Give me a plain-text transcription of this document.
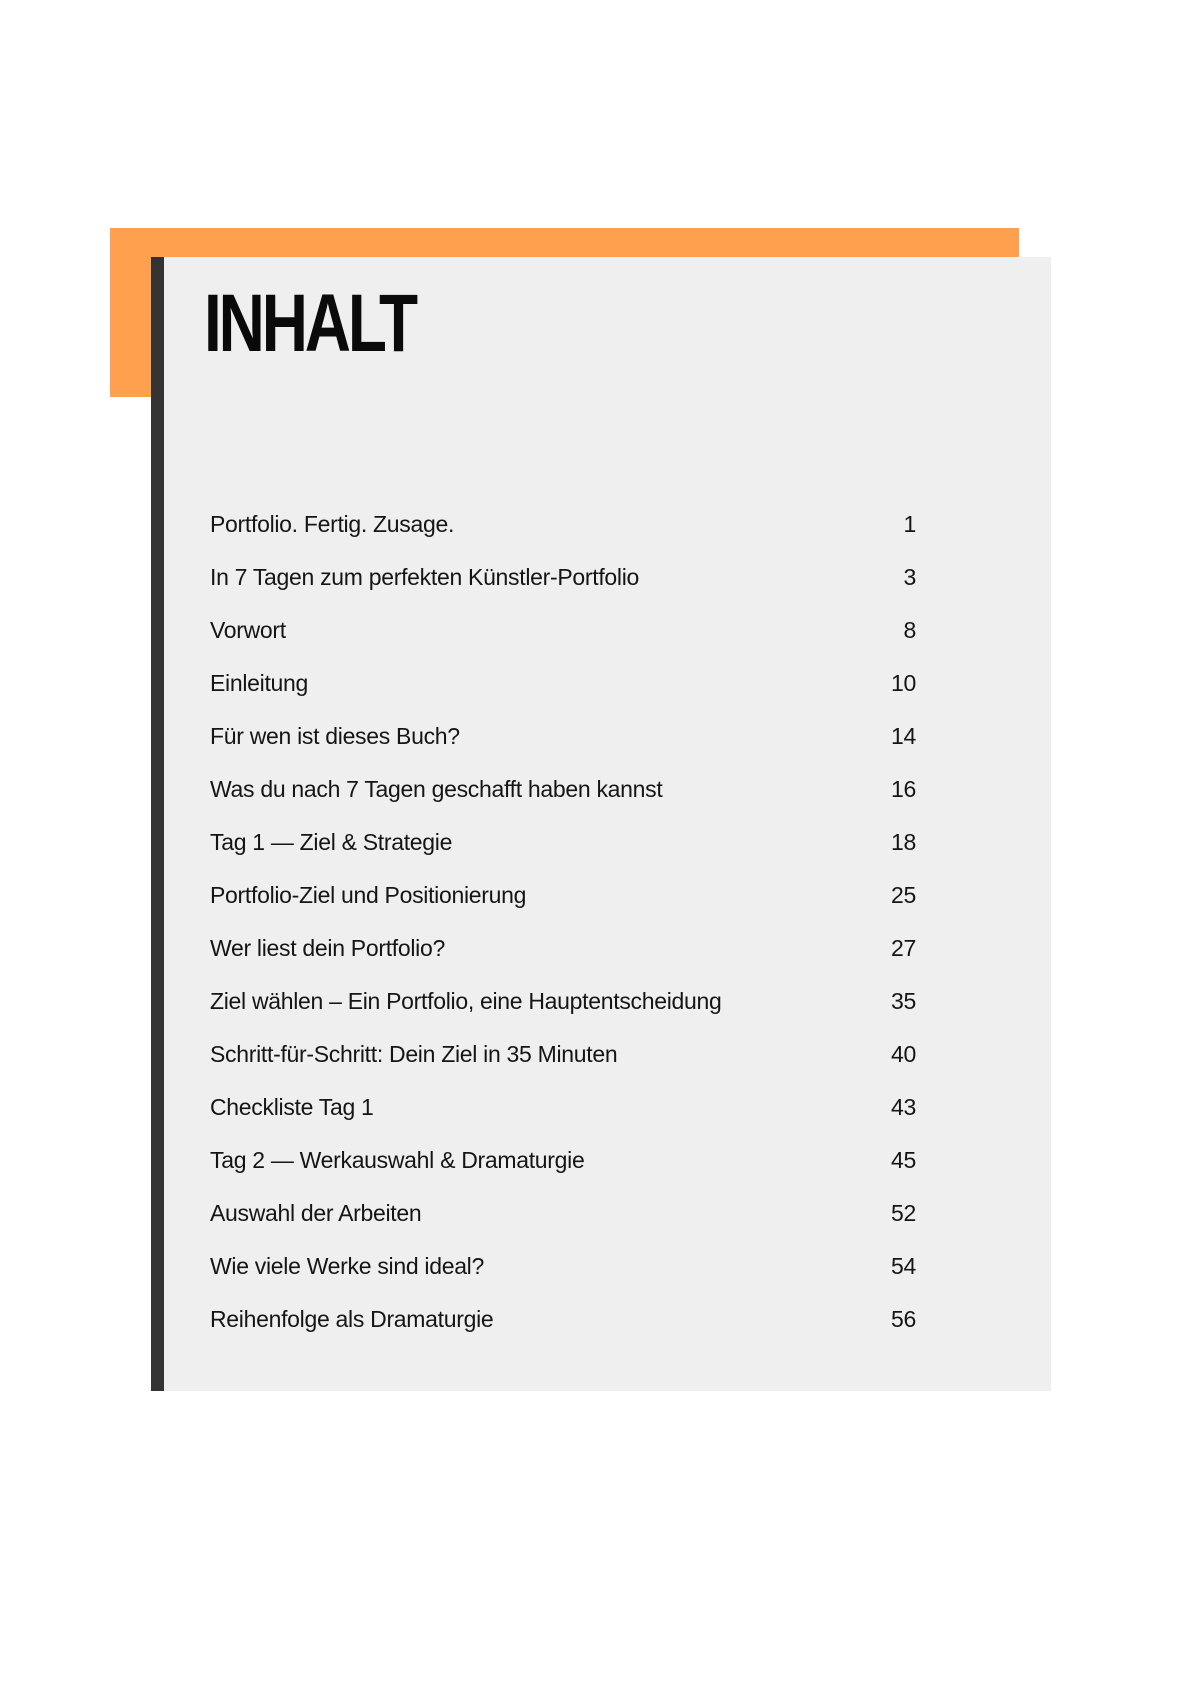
INHALT
Portfolio. Fertig. Zusage.	1
In 7 Tagen zum perfekten Künstler-Portfolio	3
Vorwort	8
Einleitung	10
Für wen ist dieses Buch?	14
Was du nach 7 Tagen geschafft haben kannst	16
Tag 1 — Ziel & Strategie	18
Portfolio-Ziel und Positionierung	25
Wer liest dein Portfolio?	27
Ziel wählen – Ein Portfolio, eine Hauptentscheidung	35
Schritt-für-Schritt: Dein Ziel in 35 Minuten	40
Checkliste Tag 1	43
Tag 2 — Werkauswahl & Dramaturgie	45
Auswahl der Arbeiten	52
Wie viele Werke sind ideal?	54
Reihenfolge als Dramaturgie	56
